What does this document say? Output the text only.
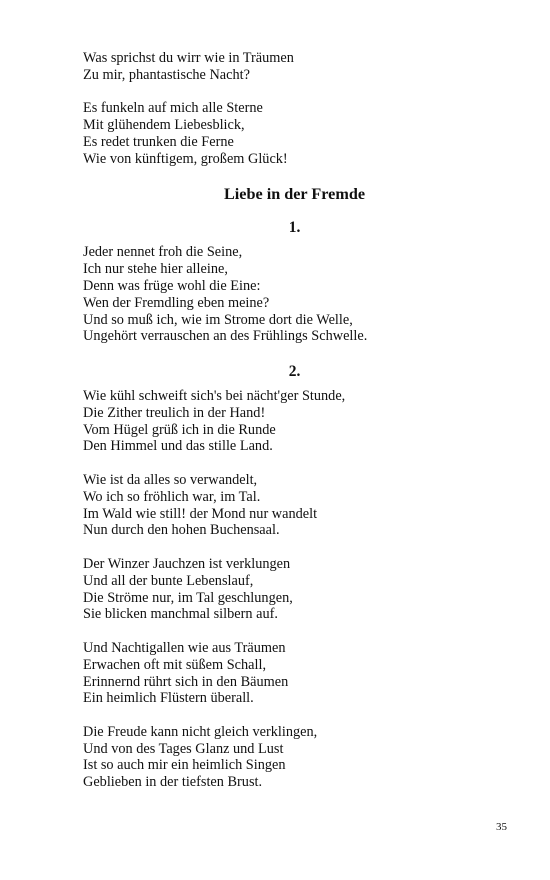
Was sprichst du wirr wie in Träumen
Zu mir, phantastische Nacht?
Es funkeln auf mich alle Sterne
Mit glühendem Liebesblick,
Es redet trunken die Ferne
Wie von künftigem, großem Glück!
Liebe in der Fremde
1.
Jeder nennet froh die Seine,
Ich nur stehe hier alleine,
Denn was früge wohl die Eine:
Wen der Fremdling eben meine?
Und so muß ich, wie im Strome dort die Welle,
Ungehört verrauschen an des Frühlings Schwelle.
2.
Wie kühl schweift sich's bei nächt'ger Stunde,
Die Zither treulich in der Hand!
Vom Hügel grüß ich in die Runde
Den Himmel und das stille Land.
Wie ist da alles so verwandelt,
Wo ich so fröhlich war, im Tal.
Im Wald wie still! der Mond nur wandelt
Nun durch den hohen Buchensaal.
Der Winzer Jauchzen ist verklungen
Und all der bunte Lebenslauf,
Die Ströme nur, im Tal geschlungen,
Sie blicken manchmal silbern auf.
Und Nachtigallen wie aus Träumen
Erwachen oft mit süßem Schall,
Erinnernd rührt sich in den Bäumen
Ein heimlich Flüstern überall.
Die Freude kann nicht gleich verklingen,
Und von des Tages Glanz und Lust
Ist so auch mir ein heimlich Singen
Geblieben in der tiefsten Brust.
35
